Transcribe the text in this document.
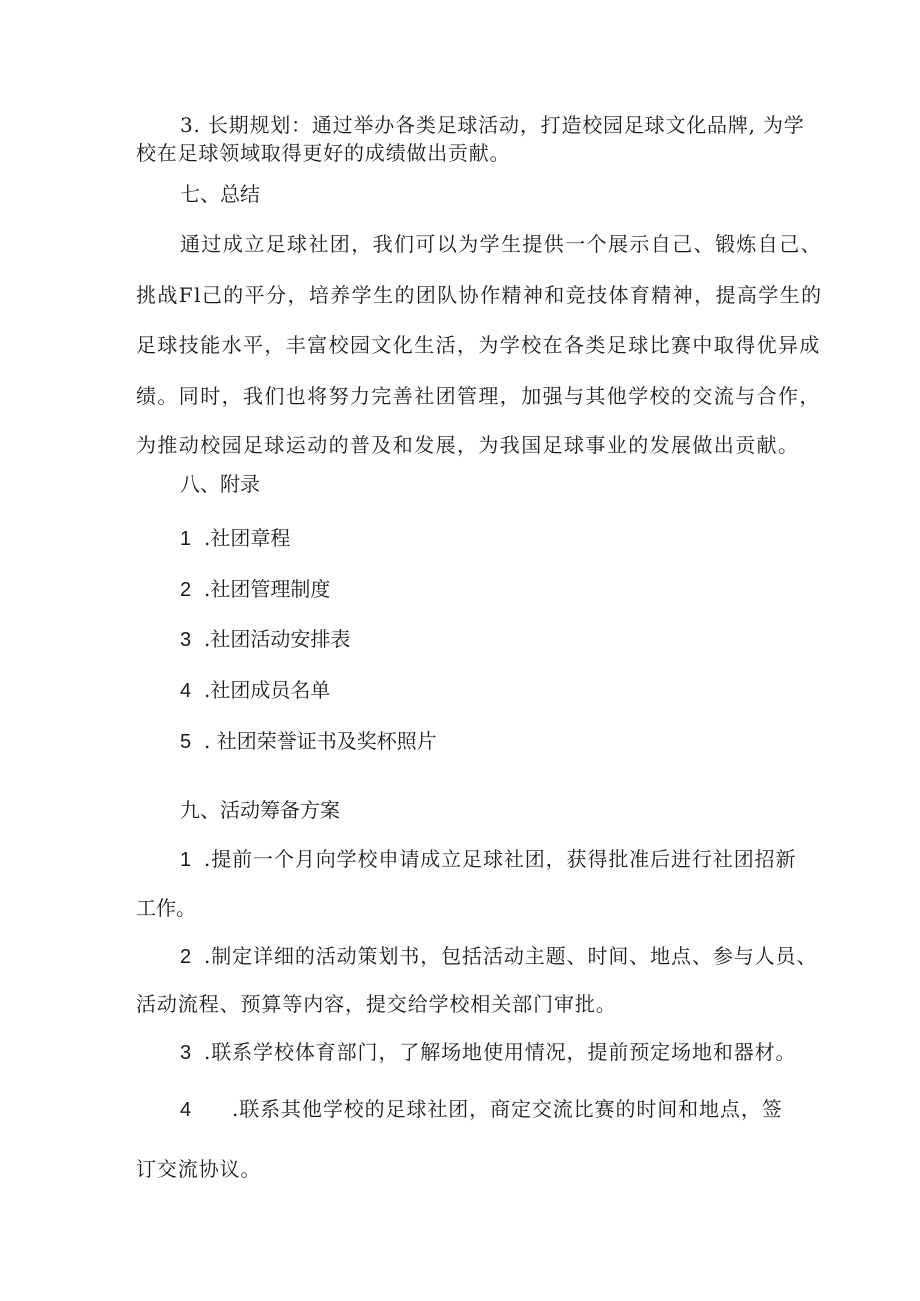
3. 长期规划：通过举办各类足球活动，打造校园足球文化品牌, 为学

校在足球领域取得更好的成绩做出贡献。

七、总结

通过成立足球社团，我们可以为学生提供一个展示自己、锻炼自己、

挑战Fl己的平分，培养学生的团队协作精神和竞技体育精神，提高学生的

足球技能水平，丰富校园文化生活，为学校在各类足球比赛中取得优异成

绩。同时，我们也将努力完善社团管理，加强与其他学校的交流与合作，

为推动校园足球运动的普及和发展，为我国足球事业的发展做出贡献。

八、附录

1 .社团章程

2 .社团管理制度

3 .社团活动安排表

4 .社团成员名单

5 . 社团荣誉证书及奖杯照片

九、活动筹备方案

1 .提前一个月向学校申请成立足球社团，获得批准后进行社团招新

工作。

2 .制定详细的活动策划书，包括活动主题、时间、地点、参与人员、

活动流程、预算等内容，提交给学校相关部门审批。

3 .联系学校体育部门，了解场地使用情况，提前预定场地和器材。

4 .联系其他学校的足球社团，商定交流比赛的时间和地点，签

订交流协议。
